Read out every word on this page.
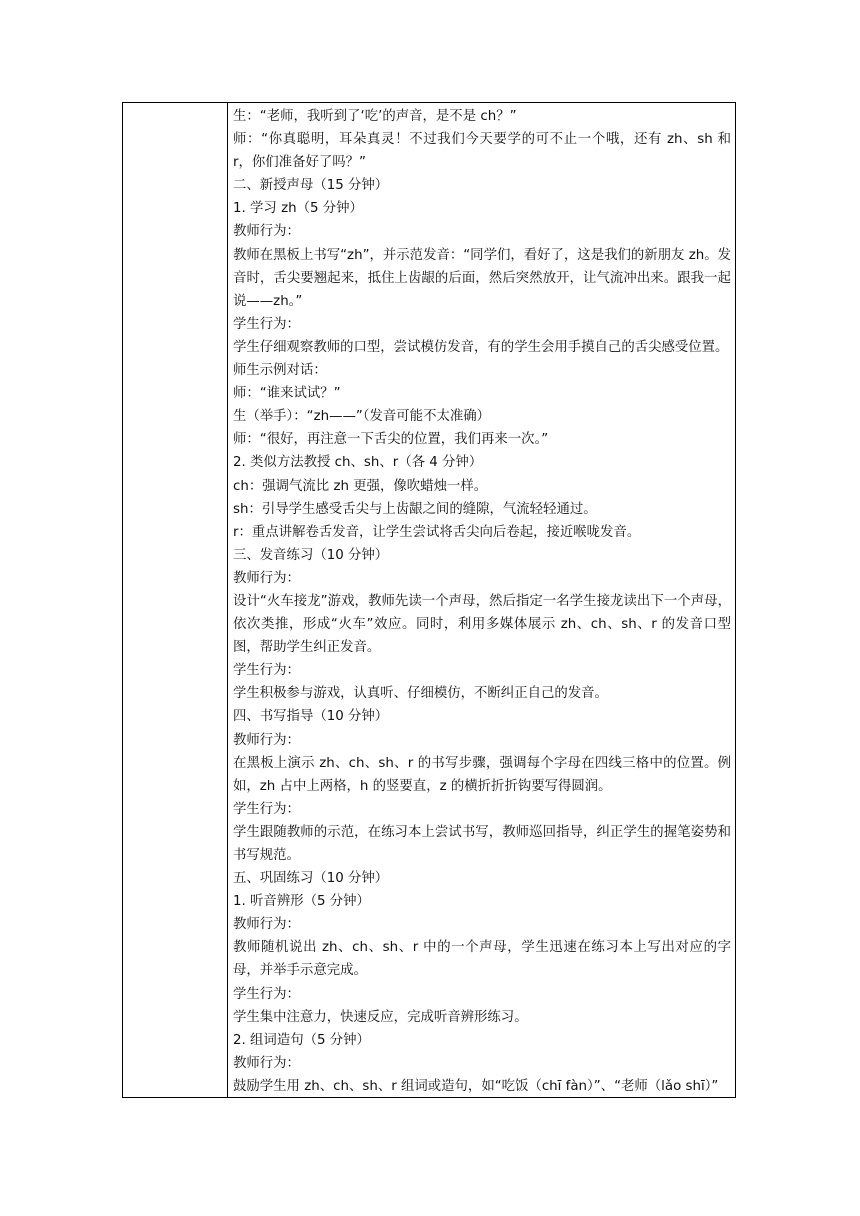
生：“老师，我听到了‘吃’的声音，是不是 ch？”

师：“你真聪明，耳朵真灵！不过我们今天要学的可不止一个哦，还有 zh、sh 和 r，你们准备好了吗？”

二、新授声母（15 分钟）

1. 学习 zh（5 分钟）

教师行为：

教师在黑板上书写“zh”，并示范发音：“同学们，看好了，这是我们的新朋友 zh。发音时，舌尖要翘起来，抵住上齿龈的后面，然后突然放开，让气流冲出来。跟我一起说——zh。”

学生行为：

学生仔细观察教师的口型，尝试模仿发音，有的学生会用手摸自己的舌尖感受位置。

师生示例对话：

师：“谁来试试？”

生（举手）：“zh——”（发音可能不太准确）

师：“很好，再注意一下舌尖的位置，我们再来一次。”

2. 类似方法教授 ch、sh、r（各 4 分钟）

ch：强调气流比 zh 更强，像吹蜡烛一样。

sh：引导学生感受舌尖与上齿龈之间的缝隙，气流轻轻通过。

r：重点讲解卷舌发音，让学生尝试将舌尖向后卷起，接近喉咙发音。

三、发音练习（10 分钟）

教师行为：

设计“火车接龙”游戏，教师先读一个声母，然后指定一名学生接龙读出下一个声母，依次类推，形成“火车”效应。同时，利用多媒体展示 zh、ch、sh、r 的发音口型图，帮助学生纠正发音。

学生行为：

学生积极参与游戏，认真听、仔细模仿，不断纠正自己的发音。

四、书写指导（10 分钟）

教师行为：

在黑板上演示 zh、ch、sh、r 的书写步骤，强调每个字母在四线三格中的位置。例如，zh 占中上两格，h 的竖要直，z 的横折折折钩要写得圆润。

学生行为：

学生跟随教师的示范，在练习本上尝试书写，教师巡回指导，纠正学生的握笔姿势和书写规范。

五、巩固练习（10 分钟）

1. 听音辨形（5 分钟）

教师行为：

教师随机说出 zh、ch、sh、r 中的一个声母，学生迅速在练习本上写出对应的字母，并举手示意完成。

学生行为：

学生集中注意力，快速反应，完成听音辨形练习。

2. 组词造句（5 分钟）

教师行为：

鼓励学生用 zh、ch、sh、r 组词或造句，如“吃饭（chī fàn）”、“老师（lǎo shī）”
